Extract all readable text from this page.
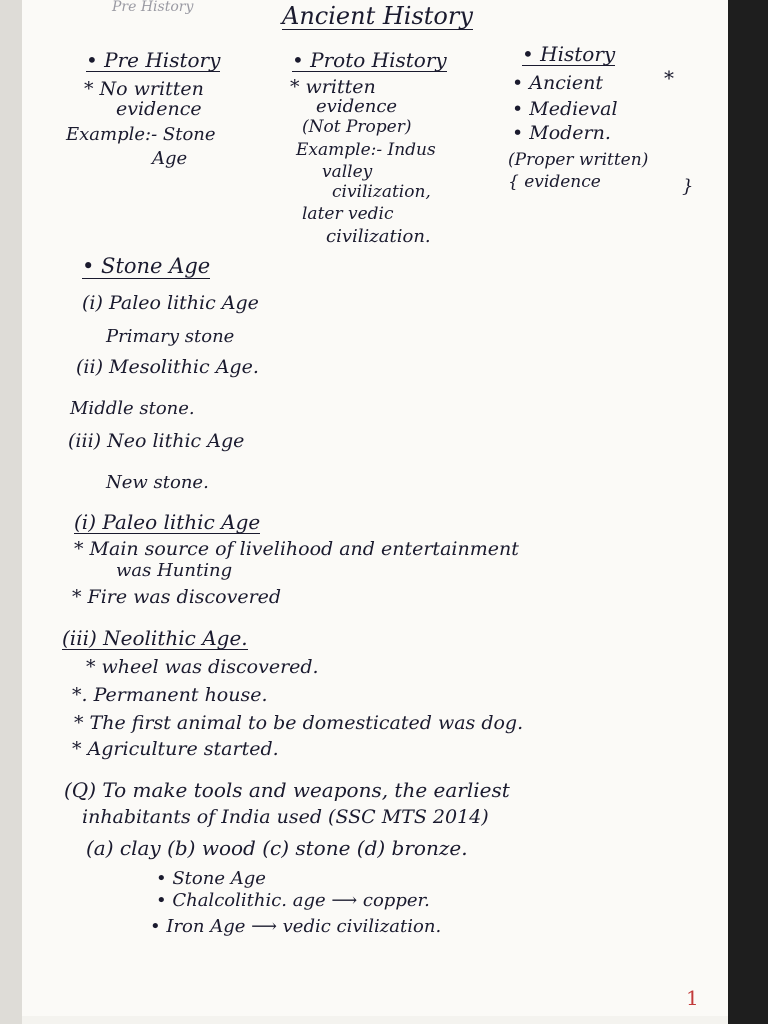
Pre History	Ancient History
• Pre History
* No written
evidence
Example:- Stone
Age
• Proto History
* written
evidence
(Not Proper)
Example:- Indus
valley
civilization,
later vedic
civilization.
• History
*
• Ancient
• Medieval
• Modern.
(Proper written)
{ evidence	}
• Stone Age
(i) Paleo lithic Age
Primary stone
(ii) Mesolithic Age.
Middle stone.
(iii) Neo lithic Age
New stone.
(i) Paleo lithic Age
* Main source of livelihood and entertainment
was Hunting
* Fire was discovered
(iii) Neolithic Age.
* wheel was discovered.
*. Permanent house.
* The first animal to be domesticated was dog.
* Agriculture started.
(Q) To make tools and weapons, the earliest
inhabitants of India used (SSC MTS 2014)
(a) clay (b) wood (c) stone (d) bronze.
• Stone Age
• Chalcolithic. age ⟶ copper.
• Iron Age ⟶ vedic civilization.
1
